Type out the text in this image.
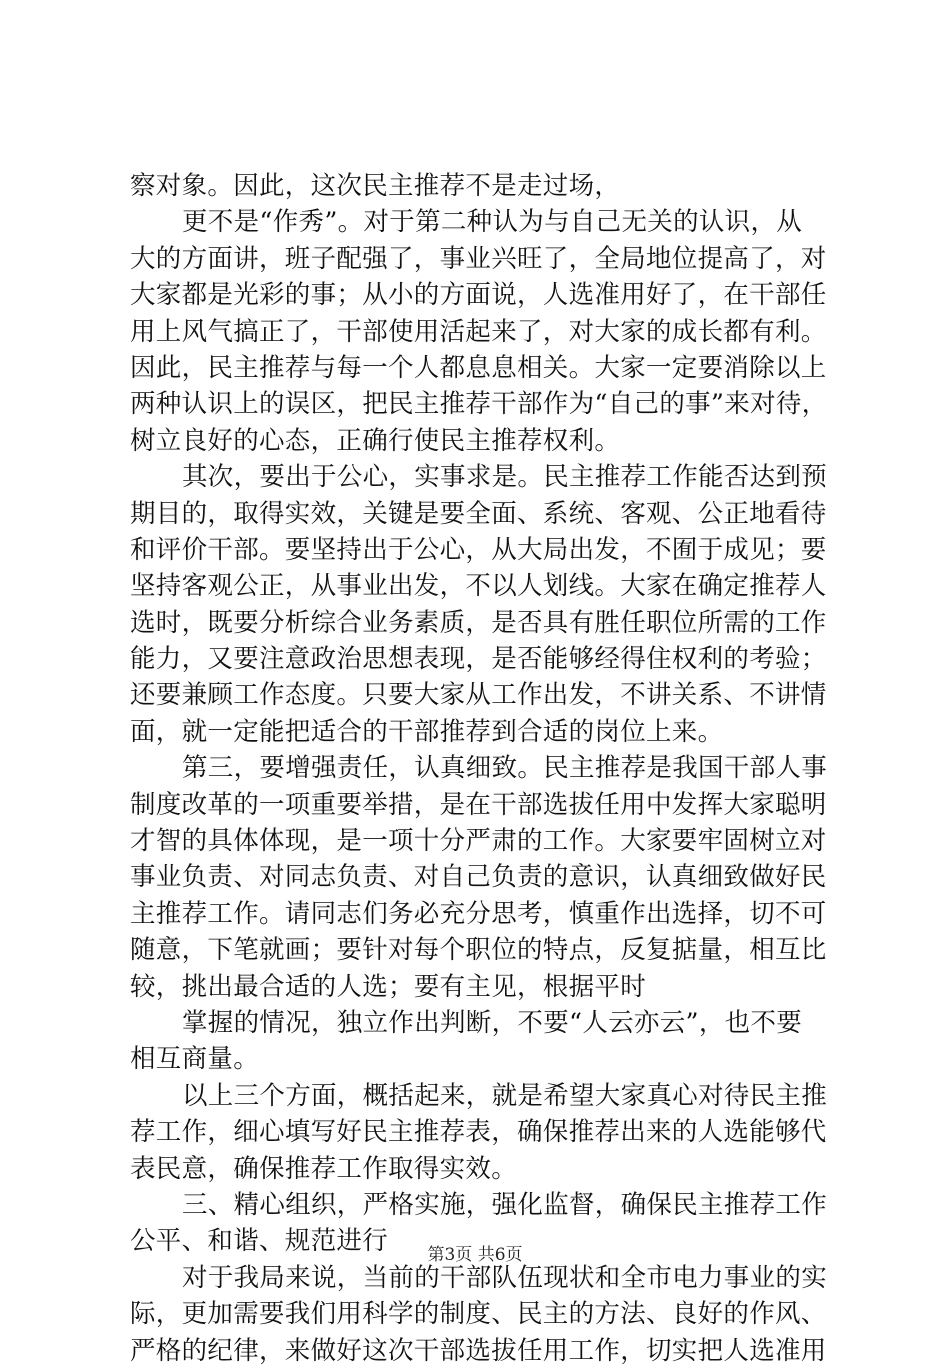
察对象。因此，这次民主推荐不是走过场，
更不是“作秀”。对于第二种认为与自己无关的认识，从
大的方面讲，班子配强了，事业兴旺了，全局地位提高了，对
大家都是光彩的事；从小的方面说，人选准用好了，在干部任
用上风气搞正了，干部使用活起来了，对大家的成长都有利。
因此，民主推荐与每一个人都息息相关。大家一定要消除以上
两种认识上的误区，把民主推荐干部作为“自己的事”来对待，
树立良好的心态，正确行使民主推荐权利。
其次，要出于公心，实事求是。民主推荐工作能否达到预
期目的，取得实效，关键是要全面、系统、客观、公正地看待
和评价干部。要坚持出于公心，从大局出发，不囿于成见；要
坚持客观公正，从事业出发，不以人划线。大家在确定推荐人
选时，既要分析综合业务素质，是否具有胜任职位所需的工作
能力，又要注意政治思想表现，是否能够经得住权利的考验；
还要兼顾工作态度。只要大家从工作出发，不讲关系、不讲情
面，就一定能把适合的干部推荐到合适的岗位上来。
第三，要增强责任，认真细致。民主推荐是我国干部人事
制度改革的一项重要举措，是在干部选拔任用中发挥大家聪明
才智的具体体现，是一项十分严肃的工作。大家要牢固树立对
事业负责、对同志负责、对自己负责的意识，认真细致做好民
主推荐工作。请同志们务必充分思考，慎重作出选择，切不可
随意，下笔就画；要针对每个职位的特点，反复掂量，相互比
较，挑出最合适的人选；要有主见，根据平时
掌握的情况，独立作出判断，不要“人云亦云”，也不要
相互商量。
以上三个方面，概括起来，就是希望大家真心对待民主推
荐工作，细心填写好民主推荐表，确保推荐出来的人选能够代
表民意，确保推荐工作取得实效。
三、精心组织，严格实施，强化监督，确保民主推荐工作
公平、和谐、规范进行
对于我局来说，当前的干部队伍现状和全市电力事业的实
际，更加需要我们用科学的制度、民主的方法、良好的作风、
严格的纪律，来做好这次干部选拔任用工作，切实把人选准用
第3页 共6页
